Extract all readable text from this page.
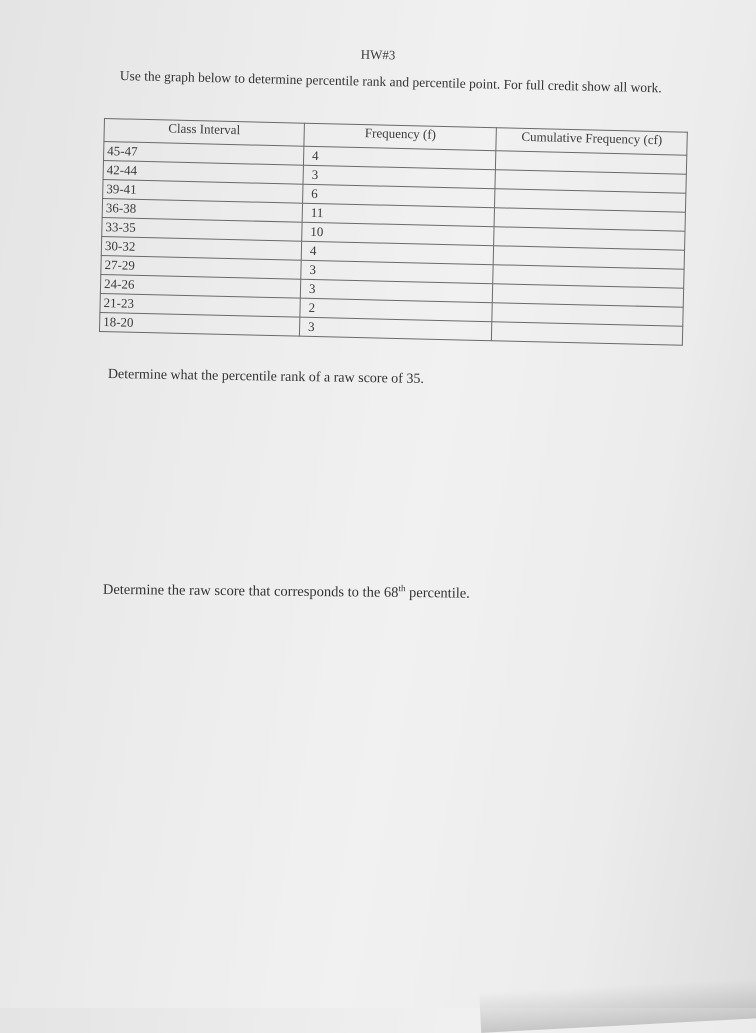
HW#3
Use the graph below to determine percentile rank and percentile point. For full credit show all work.
Class Interval	Frequency (f)	Cumulative Frequency (cf)
45-47	4	
42-44	3	
39-41	6	
36-38	11	
33-35	10	
30-32	4	
27-29	3	
24-26	3	
21-23	2	
18-20	3	
Determine what the percentile rank of a raw score of 35.
Determine the raw score that corresponds to the 68th percentile.
